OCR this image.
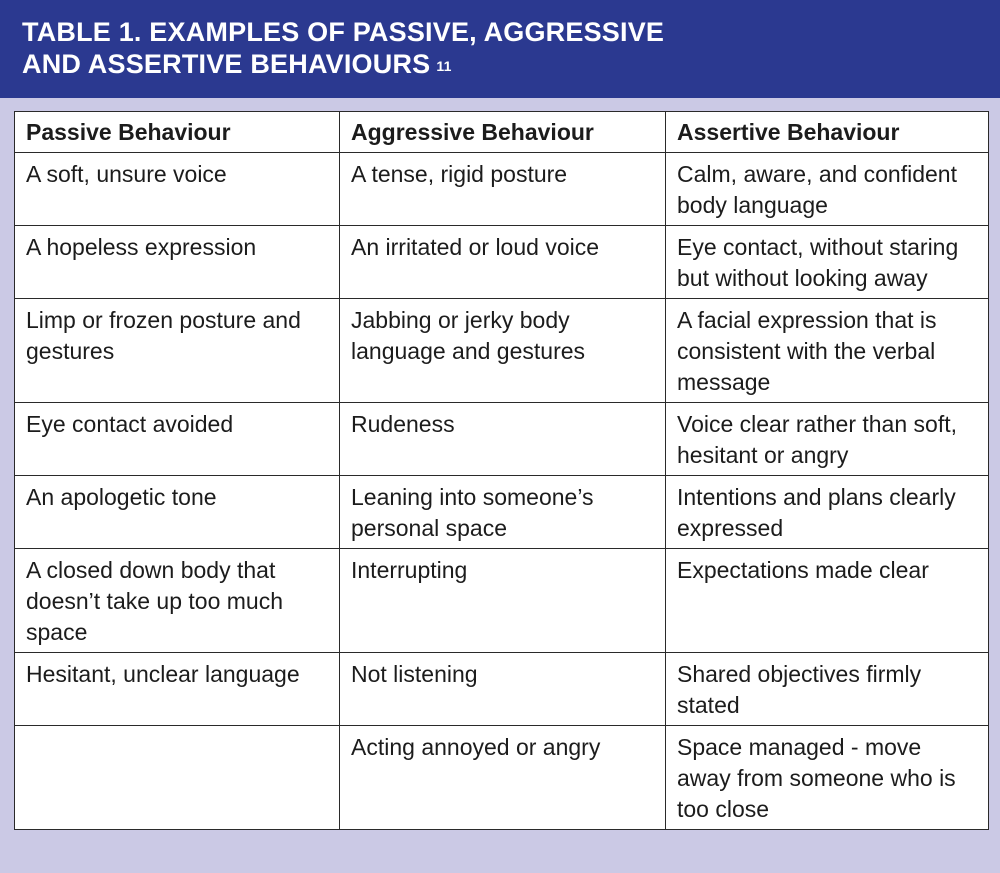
TABLE 1. EXAMPLES OF PASSIVE, AGGRESSIVE
AND ASSERTIVE BEHAVIOURS $^{11}$
Passive Behaviour	Aggressive Behaviour	Assertive Behaviour
A soft, unsure voice	A tense, rigid posture	Calm, aware, and confident body language
A hopeless expression	An irritated or loud voice	Eye contact, without staring but without looking away
Limp or frozen posture and gestures	Jabbing or jerky body language and gestures	A facial expression that is consistent with the verbal message
Eye contact avoided	Rudeness	Voice clear rather than soft, hesitant or angry
An apologetic tone	Leaning into someone’s personal space	Intentions and plans clearly expressed
A closed down body that doesn’t take up too much space	Interrupting	Expectations made clear
Hesitant, unclear language	Not listening	Shared objectives firmly stated
	Acting annoyed or angry	Space managed - move away from someone who is too close
